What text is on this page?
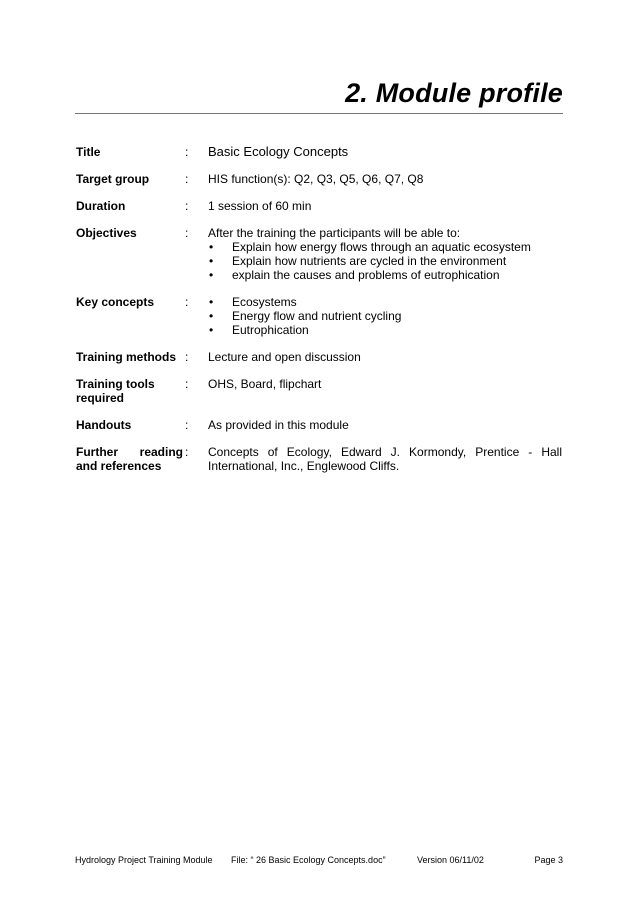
2. Module profile
Title	:	Basic Ecology Concepts
Target group	:	HIS function(s): Q2, Q3, Q5, Q6, Q7, Q8
Duration	:	1 session of 60 min
Objectives	:	After the training the participants will be able to:
• Explain how energy flows through an aquatic ecosystem
• Explain how nutrients are cycled in the environment
• explain the causes and problems of eutrophication
Key concepts	:
•	Ecosystems
• Energy flow and nutrient cycling
• Eutrophication
Training methods :	Lecture and open discussion
Training tools
required
:	OHS, Board, flipchart
Handouts	:	As provided in this module
Further reading
and references
:	Concepts of Ecology, Edward J. Kormondy, Prentice - Hall
International, Inc., Englewood Cliffs.
Hydrology Project Training Module	File: “ 26 Basic Ecology Concepts.doc”	Version 06/11/02	Page 3
